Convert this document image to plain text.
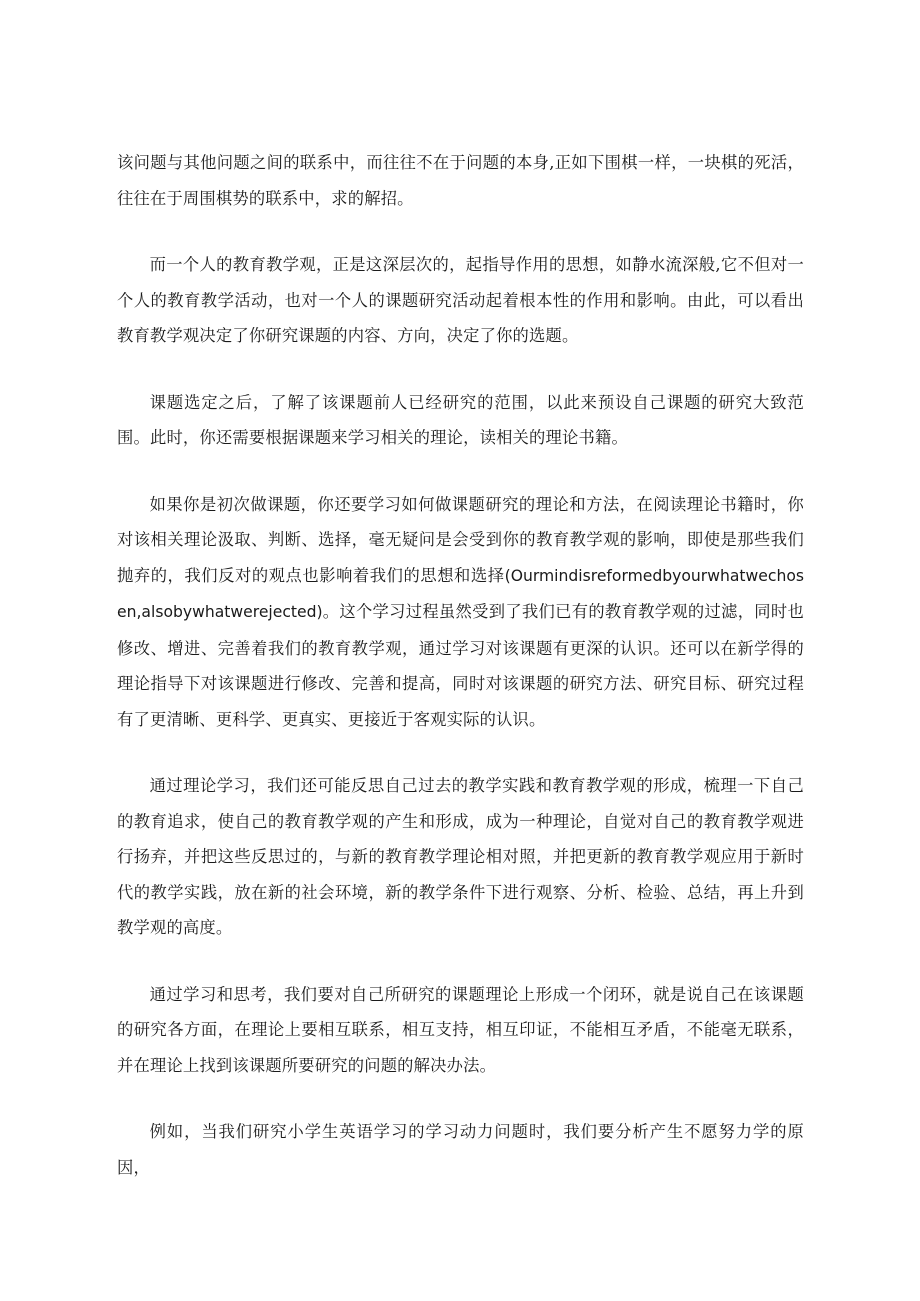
该问题与其他问题之间的联系中，而往往不在于问题的本身,正如下围棋一样，一块棋的死活，往往在于周围棋势的联系中，求的解招。

而一个人的教育教学观，正是这深层次的，起指导作用的思想，如静水流深般,它不但对一个人的教育教学活动，也对一个人的课题研究活动起着根本性的作用和影响。由此，可以看出教育教学观决定了你研究课题的内容、方向，决定了你的选题。

课题选定之后，了解了该课题前人已经研究的范围，以此来预设自己课题的研究大致范围。此时，你还需要根据课题来学习相关的理论，读相关的理论书籍。

如果你是初次做课题，你还要学习如何做课题研究的理论和方法，在阅读理论书籍时，你对该相关理论汲取、判断、选择，毫无疑问是会受到你的教育教学观的影响，即使是那些我们抛弃的，我们反对的观点也影响着我们的思想和选择(Ourmindisreformedbyourwhatwechosen,alsobywhatwerejected)。这个学习过程虽然受到了我们已有的教育教学观的过滤，同时也修改、增进、完善着我们的教育教学观，通过学习对该课题有更深的认识。还可以在新学得的理论指导下对该课题进行修改、完善和提高，同时对该课题的研究方法、研究目标、研究过程有了更清晰、更科学、更真实、更接近于客观实际的认识。

通过理论学习，我们还可能反思自己过去的教学实践和教育教学观的形成，梳理一下自己的教育追求，使自己的教育教学观的产生和形成，成为一种理论，自觉对自己的教育教学观进行扬弃，并把这些反思过的，与新的教育教学理论相对照，并把更新的教育教学观应用于新时代的教学实践，放在新的社会环境，新的教学条件下进行观察、分析、检验、总结，再上升到教学观的高度。

通过学习和思考，我们要对自己所研究的课题理论上形成一个闭环，就是说自己在该课题的研究各方面，在理论上要相互联系，相互支持，相互印证，不能相互矛盾，不能毫无联系，并在理论上找到该课题所要研究的问题的解决办法。

例如，当我们研究小学生英语学习的学习动力问题时，我们要分析产生不愿努力学的原因，
